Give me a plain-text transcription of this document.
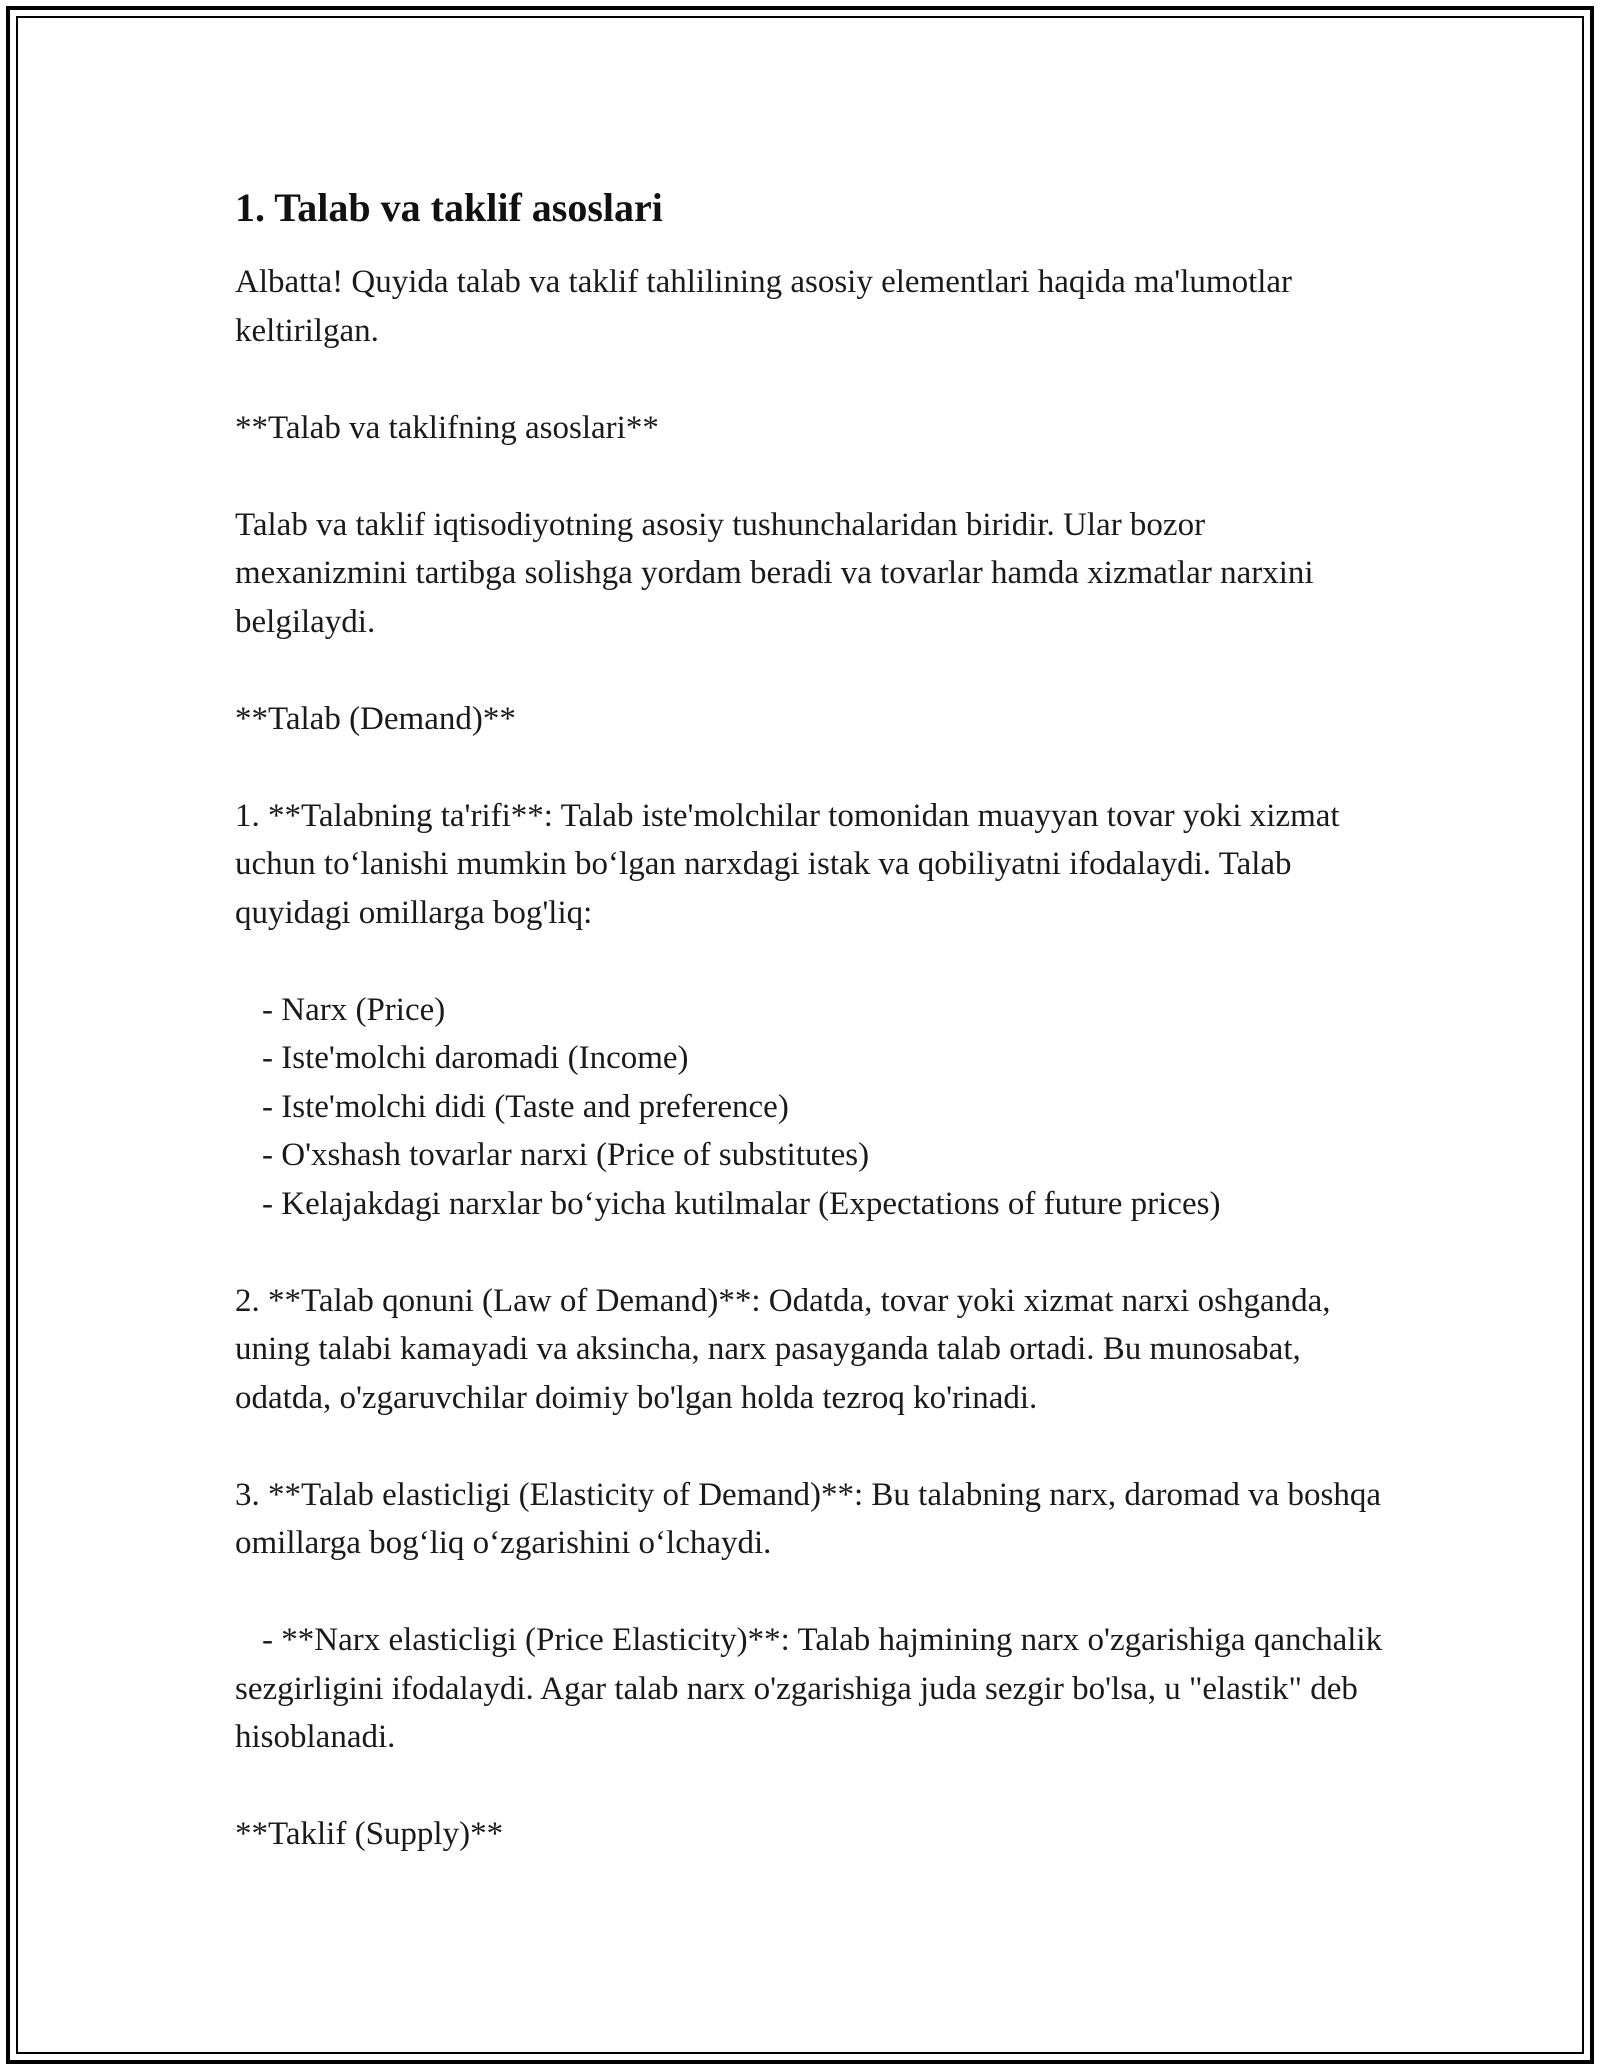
1. Talab va taklif asoslari

Albatta! Quyida talab va taklif tahlilining asosiy elementlari haqida ma'lumotlar keltirilgan.

**Talab va taklifning asoslari**

Talab va taklif iqtisodiyotning asosiy tushunchalaridan biridir. Ular bozor mexanizmini tartibga solishga yordam beradi va tovarlar hamda xizmatlar narxini belgilaydi.

**Talab (Demand)**

1. **Talabning ta'rifi**: Talab iste'molchilar tomonidan muayyan tovar yoki xizmat uchun to‘lanishi mumkin bo‘lgan narxdagi istak va qobiliyatni ifodalaydi. Talab quyidagi omillarga bog'liq:

- Narx (Price)
- Iste'molchi daromadi (Income)
- Iste'molchi didi (Taste and preference)
- O'xshash tovarlar narxi (Price of substitutes)
- Kelajakdagi narxlar bo‘yicha kutilmalar (Expectations of future prices)

2. **Talab qonuni (Law of Demand)**: Odatda, tovar yoki xizmat narxi oshganda, uning talabi kamayadi va aksincha, narx pasayganda talab ortadi. Bu munosabat, odatda, o'zgaruvchilar doimiy bo'lgan holda tezroq ko'rinadi.

3. **Talab elasticligi (Elasticity of Demand)**: Bu talabning narx, daromad va boshqa omillarga bog‘liq o‘zgarishini o‘lchaydi.

- **Narx elasticligi (Price Elasticity)**: Talab hajmining narx o'zgarishiga qanchalik sezgirligini ifodalaydi. Agar talab narx o'zgarishiga juda sezgir bo'lsa, u "elastik" deb hisoblanadi.

**Taklif (Supply)**
